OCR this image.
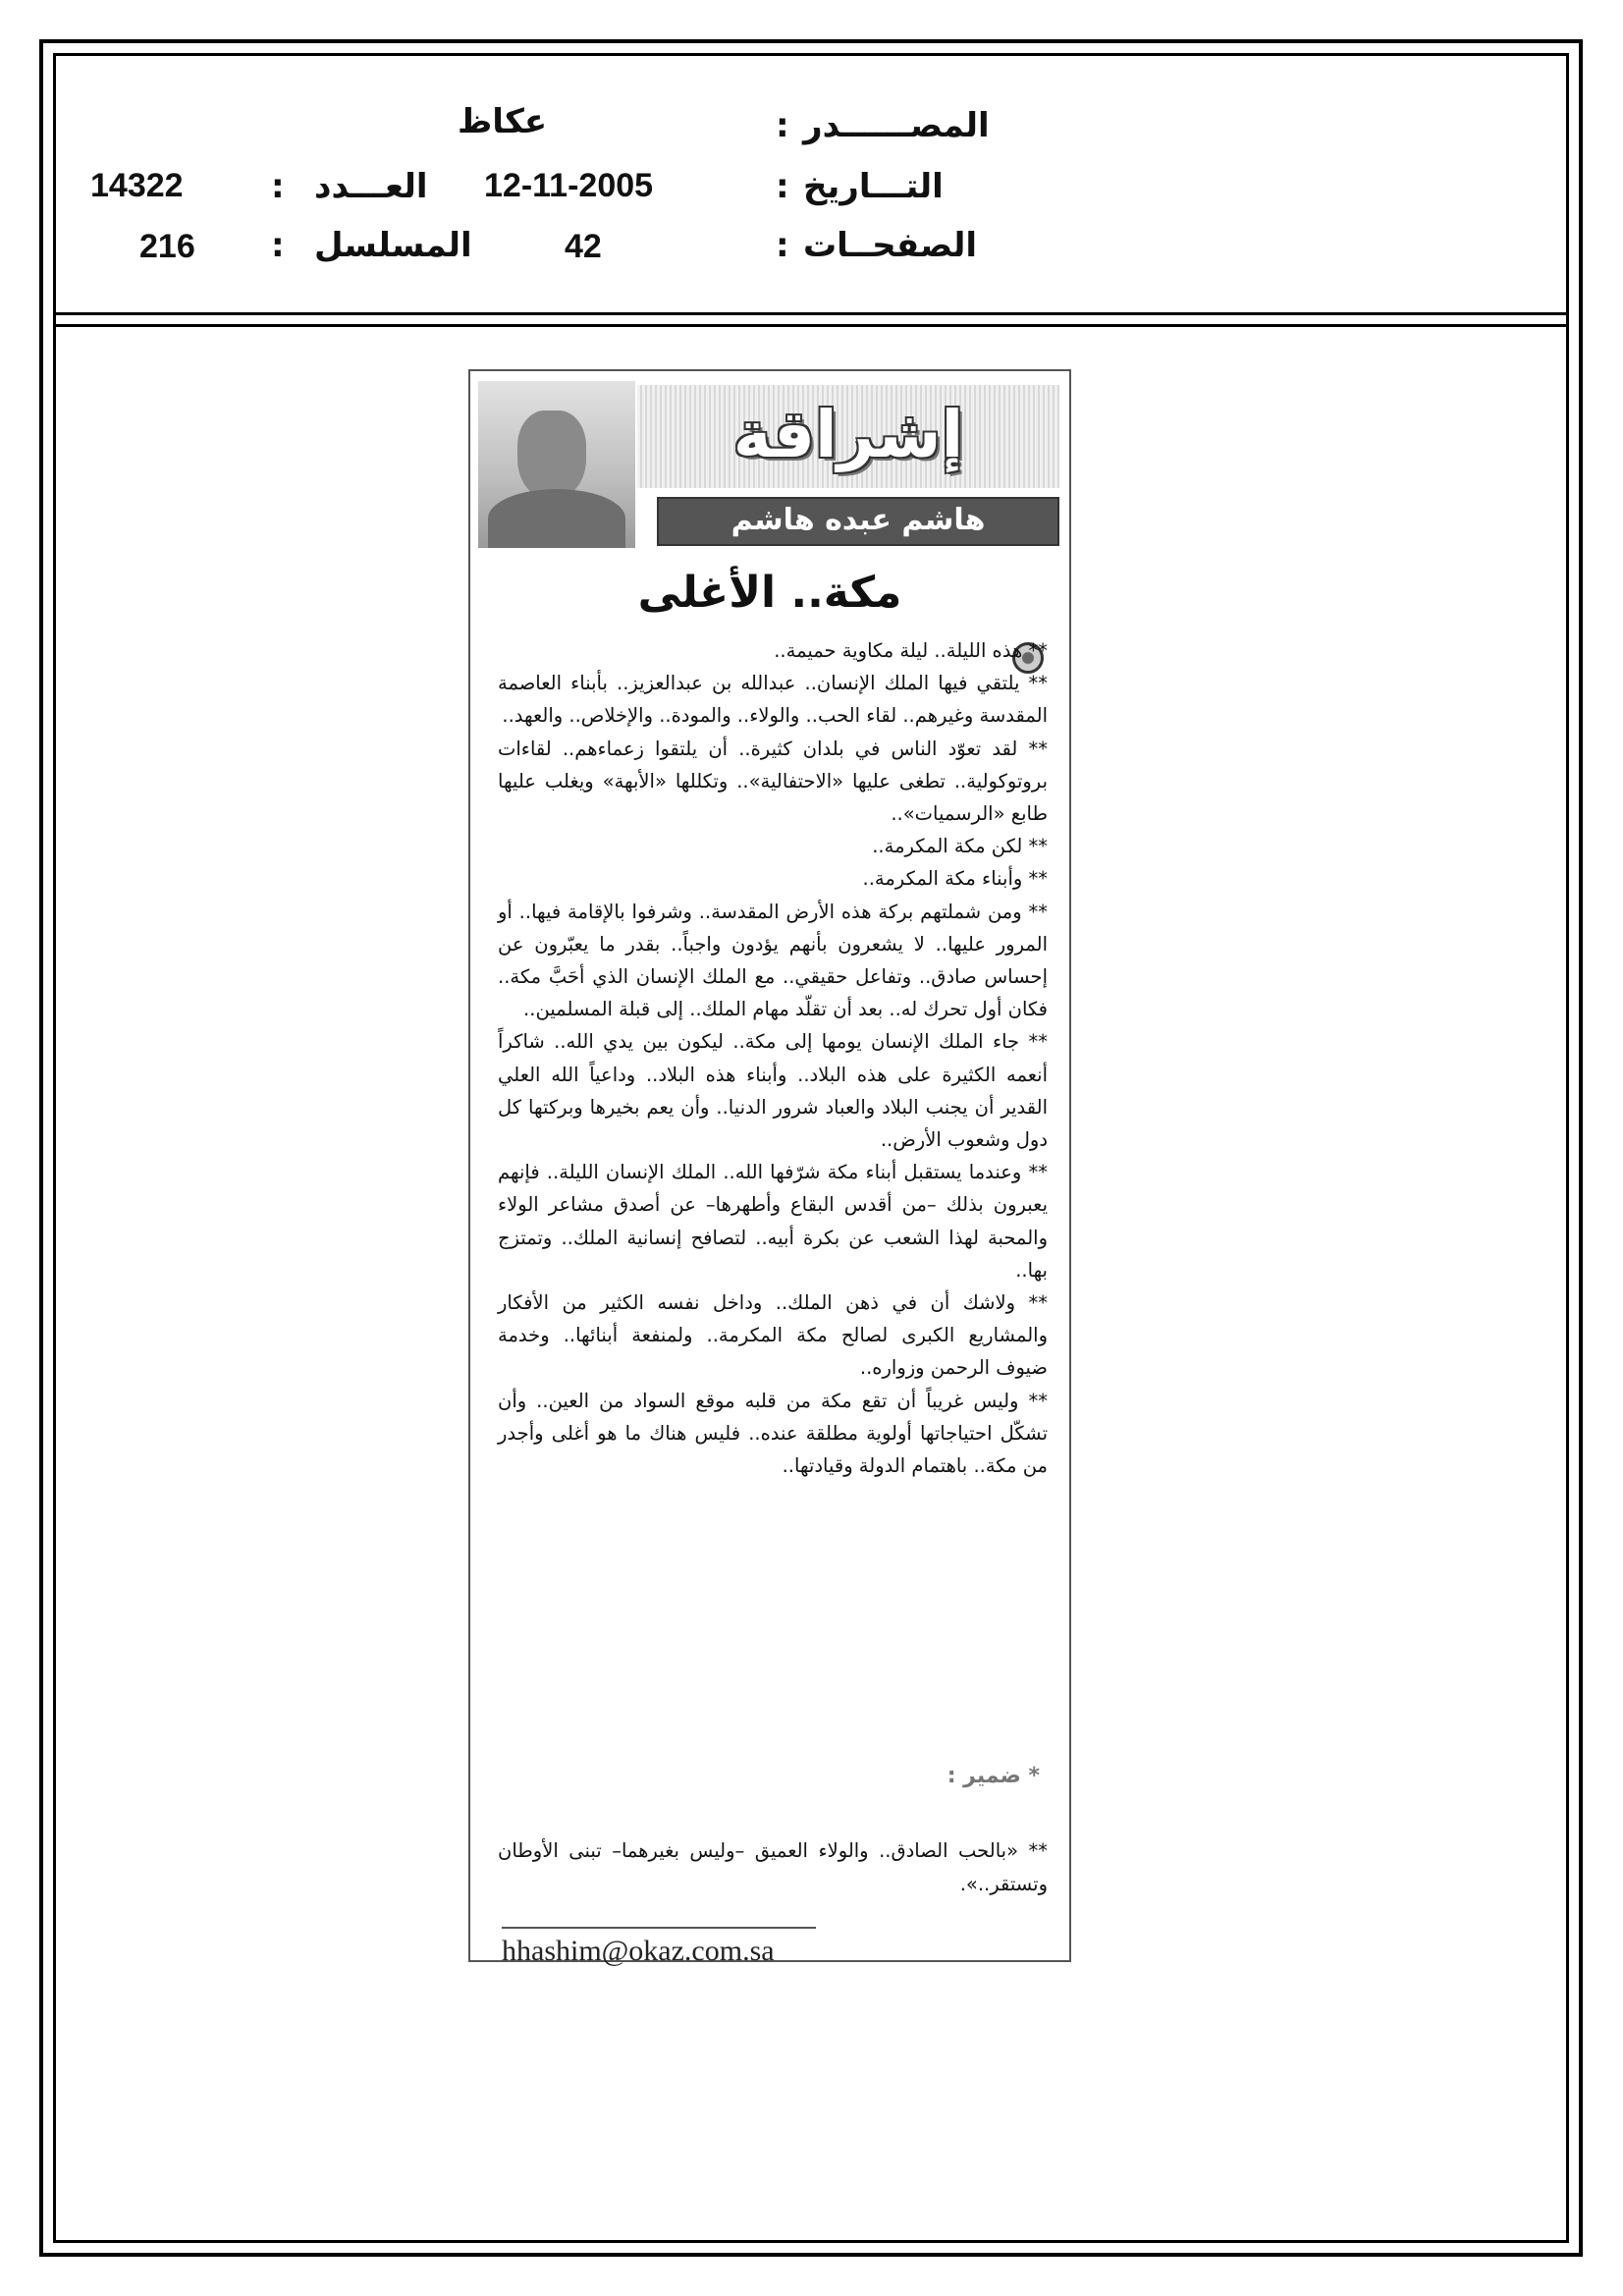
المصــــــدر
:
عكاظ
التـــاريخ
:
12-11-2005
العـــدد
:
14322
الصفحــات
:
42
المسلسل
:
216
إشراقة
هاشم عبده هاشم
مكة.. الأغلى

** هذه الليلة.. ليلة مكاوية حميمة..

** يلتقي فيها الملك الإنسان.. عبدالله بن عبدالعزيز.. بأبناء العاصمة المقدسة وغيرهم.. لقاء الحب.. والولاء.. والمودة.. والإخلاص.. والعهد..

** لقد تعوّد الناس في بلدان كثيرة.. أن يلتقوا زعماءهم.. لقاءات بروتوكولية.. تطغى عليها «الاحتفالية».. وتكللها «الأبهة» ويغلب عليها طابع «الرسميات»..

** لكن مكة المكرمة..

** وأبناء مكة المكرمة..

** ومن شملتهم بركة هذه الأرض المقدسة.. وشرفوا بالإقامة فيها.. أو المرور عليها.. لا يشعرون بأنهم يؤدون واجباً.. بقدر ما يعبّرون عن إحساس صادق.. وتفاعل حقيقي.. مع الملك الإنسان الذي أحَبَّ مكة.. فكان أول تحرك له.. بعد أن تقلّد مهام الملك.. إلى قبلة المسلمين..

** جاء الملك الإنسان يومها إلى مكة.. ليكون بين يدي الله.. شاكراً أنعمه الكثيرة على هذه البلاد.. وأبناء هذه البلاد.. وداعياً الله العلي القدير أن يجنب البلاد والعباد شرور الدنيا.. وأن يعم بخيرها وبركتها كل دول وشعوب الأرض..

** وعندما يستقبل أبناء مكة شرّفها الله.. الملك الإنسان الليلة.. فإنهم يعبرون بذلك –من أقدس البقاع وأطهرها– عن أصدق مشاعر الولاء والمحبة لهذا الشعب عن بكرة أبيه.. لتصافح إنسانية الملك.. وتمتزج بها..

** ولاشك أن في ذهن الملك.. وداخل نفسه الكثير من الأفكار والمشاريع الكبرى لصالح مكة المكرمة.. ولمنفعة أبنائها.. وخدمة ضيوف الرحمن وزواره..

** وليس غريباً أن تقع مكة من قلبه موقع السواد من العين.. وأن تشكّل احتياجاتها أولوية مطلقة عنده.. فليس هناك ما هو أغلى وأجدر من مكة.. باهتمام الدولة وقيادتها..

* ضمير :
** «بالحب الصادق.. والولاء العميق –وليس بغيرهما– تبنى الأوطان وتستقر..».
hhashim@okaz.com.sa
